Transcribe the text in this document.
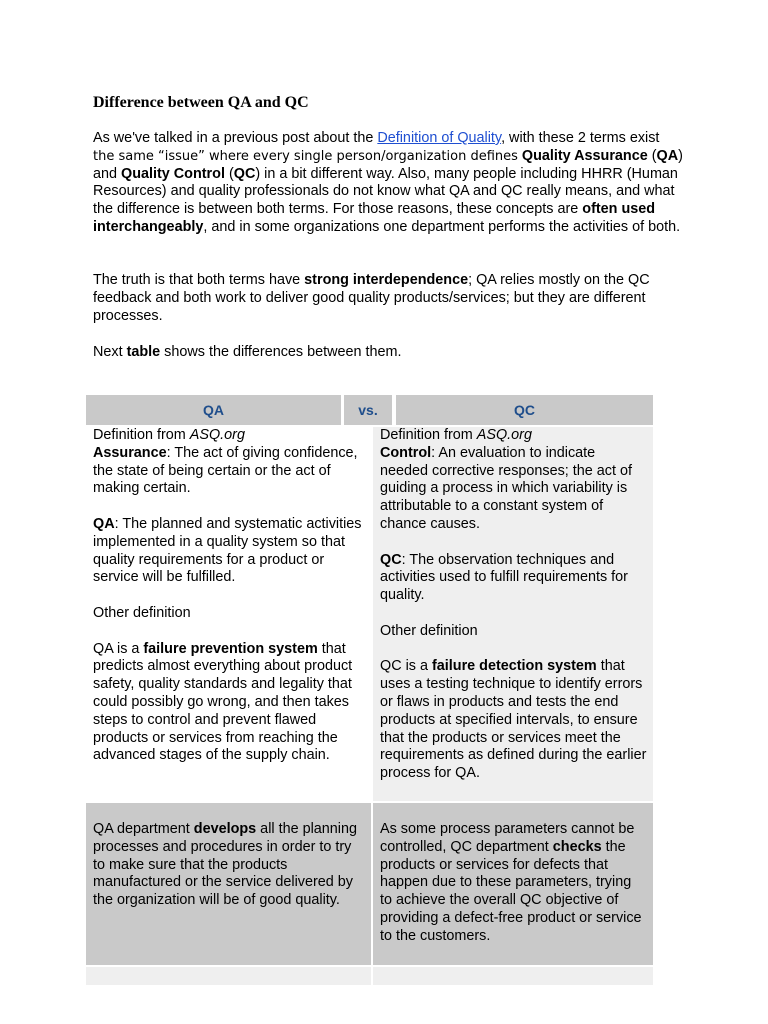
Difference between QA and QC

As we've talked in a previous post about the Definition of Quality, with these 2 terms exist the same “issue” where every single person/organization defines Quality Assurance (QA) and Quality Control (QC) in a bit different way. Also, many people including HHRR (Human Resources) and quality professionals do not know what QA and QC really means, and what the difference is between both terms. For those reasons, these concepts are often used interchangeably, and in some organizations one department performs the activities of both.

The truth is that both terms have strong interdependence; QA relies mostly on the QC feedback and both work to deliver good quality products/services; but they are different processes.

Next table shows the differences between them.

QA	vs.	QC

Definition from ASQ.org

Assurance: The act of giving confidence, the state of being certain or the act of making certain.

QA: The planned and systematic activities implemented in a quality system so that quality requirements for a product or service will be fulfilled.

Other definition

QA is a failure prevention system that predicts almost everything about product safety, quality standards and legality that could possibly go wrong, and then takes steps to control and prevent flawed products or services from reaching the advanced stages of the supply chain.

Definition from ASQ.org

Control: An evaluation to indicate needed corrective responses; the act of guiding a process in which variability is attributable to a constant system of chance causes.

QC: The observation techniques and activities used to fulfill requirements for quality.

Other definition

QC is a failure detection system that uses a testing technique to identify errors or flaws in products and tests the end products at specified intervals, to ensure that the products or services meet the requirements as defined during the earlier process for QA.

QA department develops all the planning processes and procedures in order to try to make sure that the products manufactured or the service delivered by the organization will be of good quality.

As some process parameters cannot be controlled, QC department checks the products or services for defects that happen due to these parameters, trying to achieve the overall QC objective of providing a defect-free product or service to the customers.
